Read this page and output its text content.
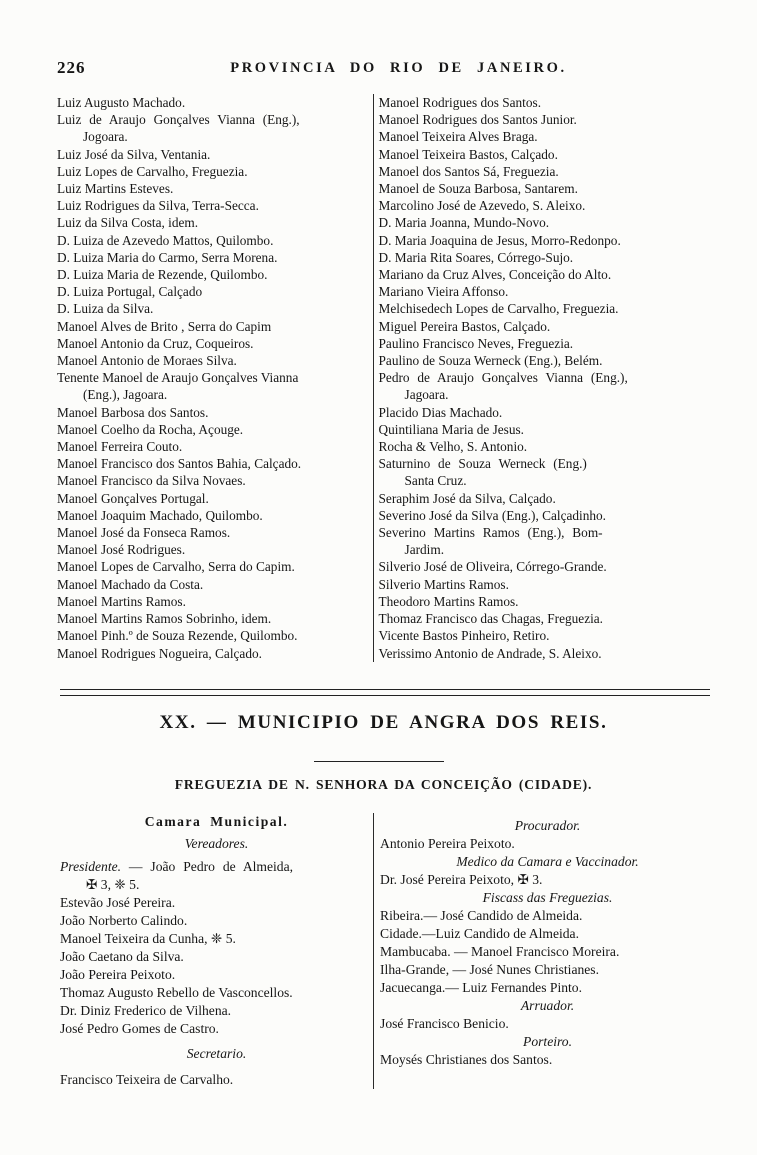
226	PROVINCIA DO RIO DE JANEIRO.
Luiz Augusto Machado.
Luiz de Araujo Gonçalves Vianna (Eng.),
Jogoara.
Luiz José da Silva, Ventania.
Luiz Lopes de Carvalho, Freguezia.
Luiz Martins Esteves.
Luiz Rodrigues da Silva, Terra-Secca.
Luiz da Silva Costa, idem.
D. Luiza de Azevedo Mattos, Quilombo.
D. Luiza Maria do Carmo, Serra Morena.
D. Luiza Maria de Rezende, Quilombo.
D. Luiza Portugal, Calçado
D. Luiza da Silva.
Manoel Alves de Brito , Serra do Capim
Manoel Antonio da Cruz, Coqueiros.
Manoel Antonio de Moraes Silva.
Tenente Manoel de Araujo Gonçalves Vianna
(Eng.), Jagoara.
Manoel Barbosa dos Santos.
Manoel Coelho da Rocha, Açouge.
Manoel Ferreira Couto.
Manoel Francisco dos Santos Bahia, Calçado.
Manoel Francisco da Silva Novaes.
Manoel Gonçalves Portugal.
Manoel Joaquim Machado, Quilombo.
Manoel José da Fonseca Ramos.
Manoel José Rodrigues.
Manoel Lopes de Carvalho, Serra do Capim.
Manoel Machado da Costa.
Manoel Martins Ramos.
Manoel Martins Ramos Sobrinho, idem.
Manoel Pinh.º de Souza Rezende, Quilombo.
Manoel Rodrigues Nogueira, Calçado.
Manoel Rodrigues dos Santos.
Manoel Rodrigues dos Santos Junior.
Manoel Teixeira Alves Braga.
Manoel Teixeira Bastos, Calçado.
Manoel dos Santos Sá, Freguezia.
Manoel de Souza Barbosa, Santarem.
Marcolino José de Azevedo, S. Aleixo.
D. Maria Joanna, Mundo-Novo.
D. Maria Joaquina de Jesus, Morro-Redonpo.
D. Maria Rita Soares, Córrego-Sujo.
Mariano da Cruz Alves, Conceição do Alto.
Mariano Vieira Affonso.
Melchisedech Lopes de Carvalho, Freguezia.
Miguel Pereira Bastos, Calçado.
Paulino Francisco Neves, Freguezia.
Paulino de Souza Werneck (Eng.), Belém.
Pedro de Araujo Gonçalves Vianna (Eng.),
Jagoara.
Placido Dias Machado.
Quintiliana Maria de Jesus.
Rocha & Velho, S. Antonio.
Saturnino de Souza Werneck (Eng.)
Santa Cruz.
Seraphim José da Silva, Calçado.
Severino José da Silva (Eng.), Calçadinho.
Severino Martins Ramos (Eng.), Bom-
Jardim.
Silverio José de Oliveira, Córrego-Grande.
Silverio Martins Ramos.
Theodoro Martins Ramos.
Thomaz Francisco das Chagas, Freguezia.
Vicente Bastos Pinheiro, Retiro.
Verissimo Antonio de Andrade, S. Aleixo.
XX. — MUNICIPIO DE ANGRA DOS REIS.
FREGUEZIA DE N. SENHORA DA CONCEIÇÃO (CIDADE).
Camara Municipal.
Vereadores.
Presidente. — João Pedro de Almeida,
✠ 3, ❈ 5.
Estevão José Pereira.
João Norberto Calindo.
Manoel Teixeira da Cunha, ❈ 5.
João Caetano da Silva.
João Pereira Peixoto.
Thomaz Augusto Rebello de Vasconcellos.
Dr. Diniz Frederico de Vilhena.
José Pedro Gomes de Castro.
Secretario.
Francisco Teixeira de Carvalho.
Procurador.
Antonio Pereira Peixoto.
Medico da Camara e Vaccinador.
Dr. José Pereira Peixoto, ✠ 3.
Fiscass das Freguezias.
Ribeira.— José Candido de Almeida.
Cidade.—Luiz Candido de Almeida.
Mambucaba. — Manoel Francisco Moreira.
Ilha-Grande, — José Nunes Christianes.
Jacuecanga.— Luiz Fernandes Pinto.
Arruador.
José Francisco Benicio.
Porteiro.
Moysés Christianes dos Santos.
